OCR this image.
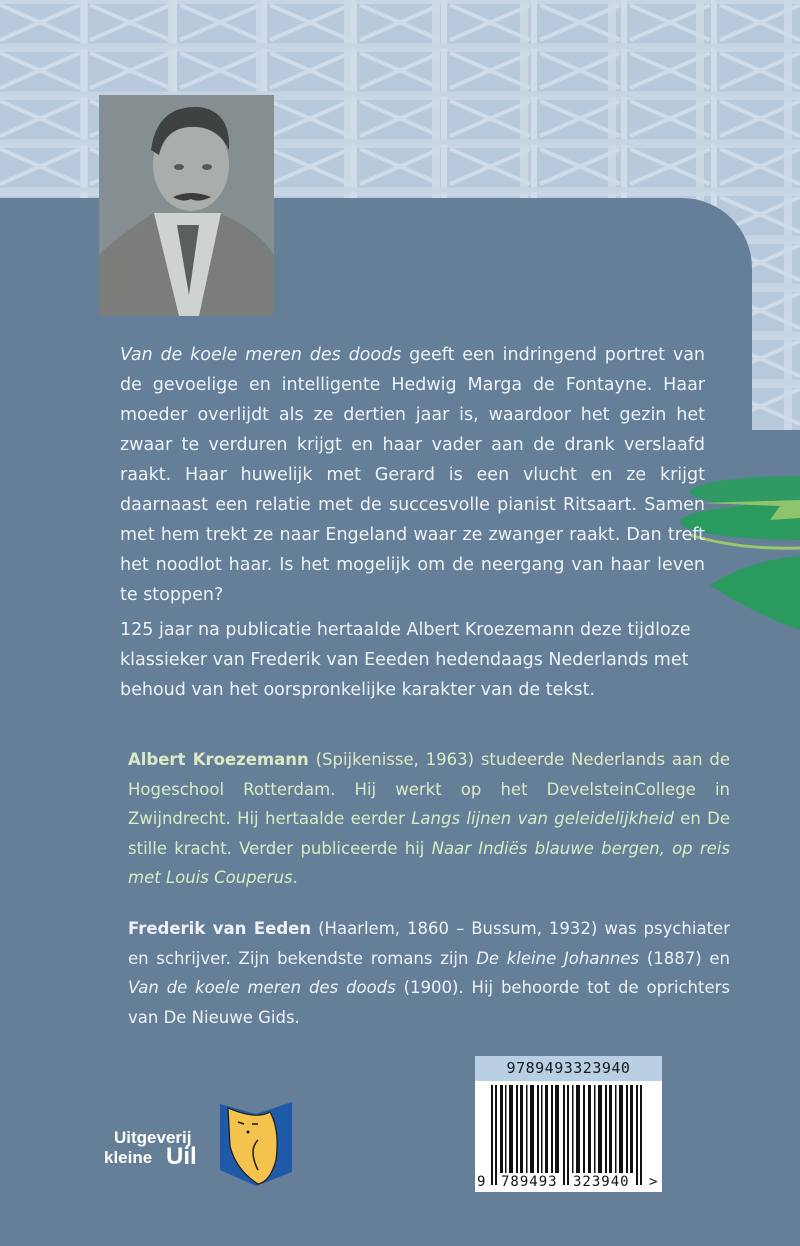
Van de koele meren des doods geeft een indringend portret van de gevoelige en intelligente Hedwig Marga de Fontayne. Haar moeder overlijdt als ze dertien jaar is, waardoor het gezin het zwaar te verduren krijgt en haar vader aan de drank verslaafd raakt. Haar huwelijk met Gerard is een vlucht en ze krijgt daarnaast een relatie met de succesvolle pianist Ritsaart. Samen met hem trekt ze naar Engeland waar ze zwanger raakt. Dan treft het noodlot haar. Is het mogelijk om de neergang van haar leven te stoppen?
125 jaar na publicatie hertaalde Albert Kroezemann deze tijdloze klassieker van Frederik van Eeeden hedendaags Nederlands met behoud van het oorspronkelijke karakter van de tekst.
Albert Kroezemann (Spijkenisse, 1963) studeerde Nederlands aan de Hogeschool Rotterdam. Hij werkt op het DevelsteinCollege in Zwijndrecht. Hij hertaalde eerder Langs lijnen van geleidelijkheid en De stille kracht. Verder publiceerde hij Naar Indiës blauwe bergen, op reis met Louis Couperus.
Frederik van Eeden (Haarlem, 1860 – Bussum, 1932) was psychiater en schrijver. Zijn bekendste romans zijn De kleine Johannes (1887) en Van de koele meren des doods (1900). Hij behoorde tot de oprichters van De Nieuwe Gids.
9789493323940
9 789493 323940 >
Uitgeverij
kleine Uil
